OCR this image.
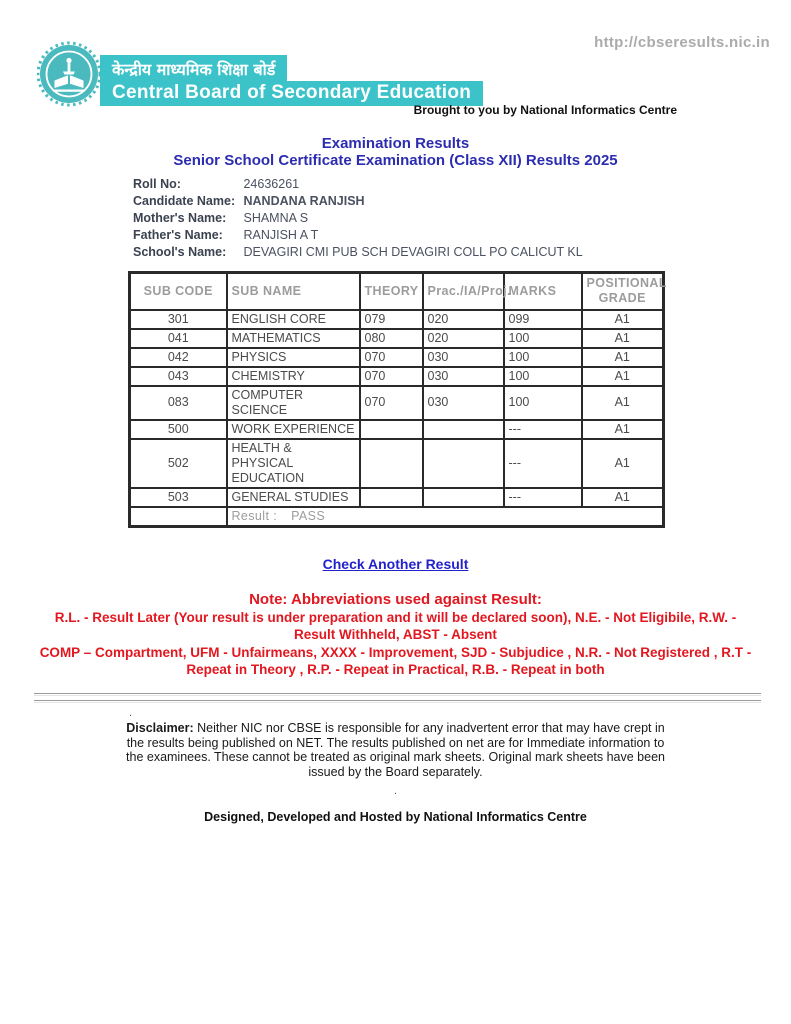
http://cbseresults.nic.in
केन्द्रीय माध्यमिक शिक्षा बोर्ड
Central Board of Secondary Education
Brought to you by National Informatics Centre
Examination Results
Senior School Certificate Examination (Class XII) Results 2025
Roll No:	24636261
Candidate Name: NANDANA RANJISH
Mother's Name: SHAMNA S
Father's Name: RANJISH A T
School's Name: DEVAGIRI CMI PUB SCH DEVAGIRI COLL PO CALICUT KL
SUB CODE	SUB NAME	THEORY	Prac./IA/Proj.	MARKS	POSITIONAL GRADE
301	ENGLISH CORE	079	020	099	A1
041	MATHEMATICS	080	020	100	A1
042	PHYSICS	070	030	100	A1
043	CHEMISTRY	070	030	100	A1
083	COMPUTER SCIENCE	070	030	100	A1
500	WORK EXPERIENCE			---	A1
502	HEALTH & PHYSICAL EDUCATION			---	A1
503	GENERAL STUDIES			---	A1
	Result : PASS				
Check Another Result
Note: Abbreviations used against Result:
R.L. - Result Later (Your result is under preparation and it will be declared soon), N.E. - Not Eligibile, R.W. - Result Withheld, ABST - Absent
COMP – Compartment, UFM - Unfairmeans, XXXX - Improvement, SJD - Subjudice , N.R. - Not Registered , R.T - Repeat in Theory , R.P. - Repeat in Practical, R.B. - Repeat in both
.
Disclaimer: Neither NIC nor CBSE is responsible for any inadvertent error that may have crept in the results being published on NET. The results published on net are for Immediate information to the examinees. These cannot be treated as original mark sheets. Original mark sheets have been issued by the Board separately.
.
Designed, Developed and Hosted by National Informatics Centre
